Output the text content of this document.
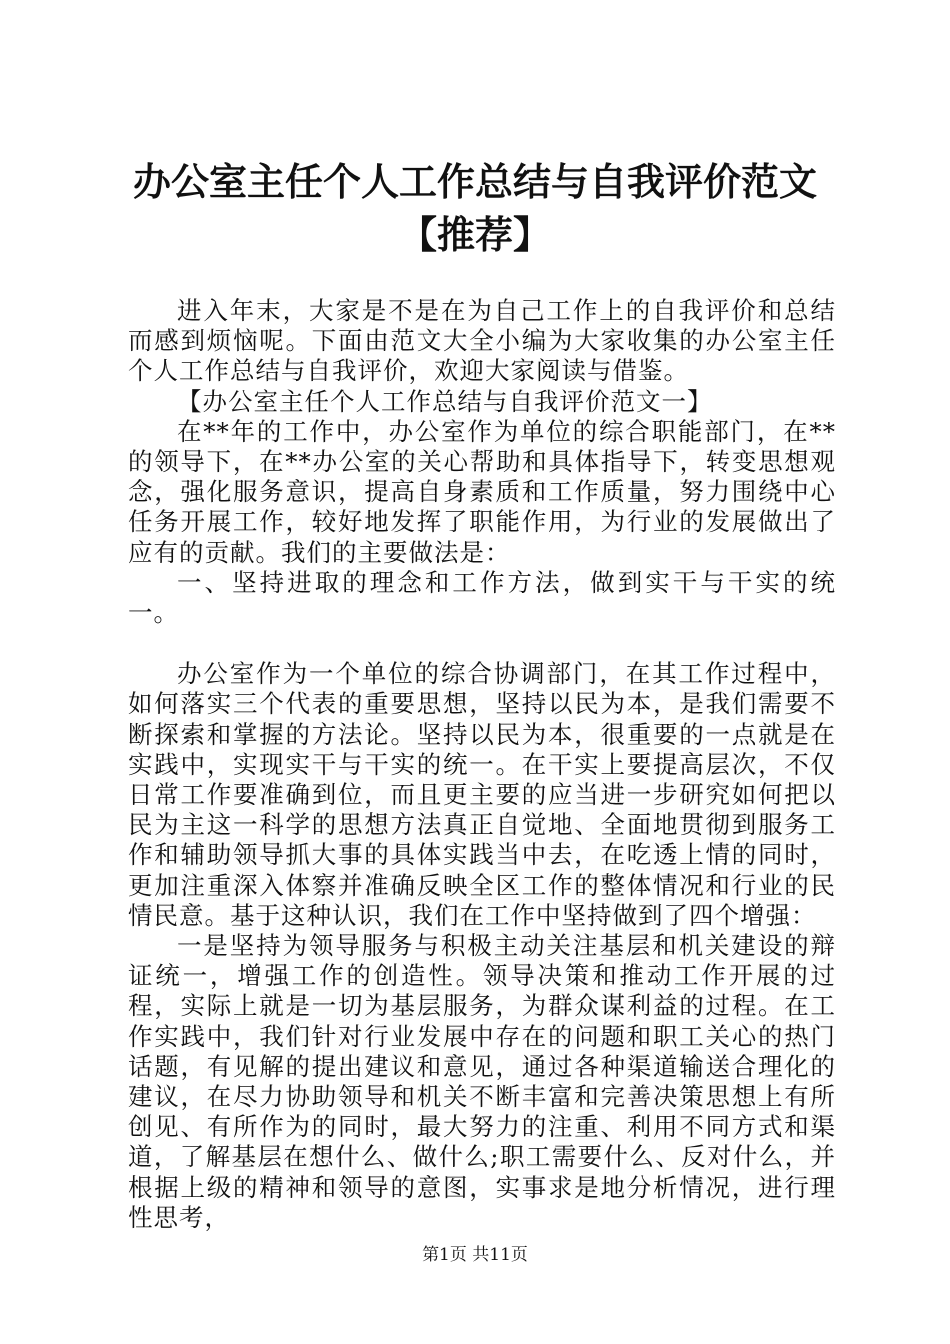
办公室主任个人工作总结与自我评价范文【推荐】

进入年末，大家是不是在为自己工作上的自我评价和总结而感到烦恼呢。下面由范文大全小编为大家收集的办公室主任个人工作总结与自我评价，欢迎大家阅读与借鉴。

【办公室主任个人工作总结与自我评价范文一】

在**年的工作中，办公室作为单位的综合职能部门，在**的领导下，在**办公室的关心帮助和具体指导下，转变思想观念，强化服务意识，提高自身素质和工作质量，努力围绕中心任务开展工作，较好地发挥了职能作用，为行业的发展做出了应有的贡献。我们的主要做法是：

一、坚持进取的理念和工作方法，做到实干与干实的统一。

办公室作为一个单位的综合协调部门，在其工作过程中，如何落实三个代表的重要思想，坚持以民为本，是我们需要不断探索和掌握的方法论。坚持以民为本，很重要的一点就是在实践中，实现实干与干实的统一。在干实上要提高层次，不仅日常工作要准确到位，而且更主要的应当进一步研究如何把以民为主这一科学的思想方法真正自觉地、全面地贯彻到服务工作和辅助领导抓大事的具体实践当中去，在吃透上情的同时，更加注重深入体察并准确反映全区工作的整体情况和行业的民情民意。基于这种认识，我们在工作中坚持做到了四个增强：

一是坚持为领导服务与积极主动关注基层和机关建设的辩证统一，增强工作的创造性。领导决策和推动工作开展的过程，实际上就是一切为基层服务，为群众谋利益的过程。在工作实践中，我们针对行业发展中存在的问题和职工关心的热门话题，有见解的提出建议和意见，通过各种渠道输送合理化的建议，在尽力协助领导和机关不断丰富和完善决策思想上有所创见、有所作为的同时，最大努力的注重、利用不同方式和渠道，了解基层在想什么、做什么;职工需要什么、反对什么，并根据上级的精神和领导的意图，实事求是地分析情况，进行理性思考，

第1页 共11页
